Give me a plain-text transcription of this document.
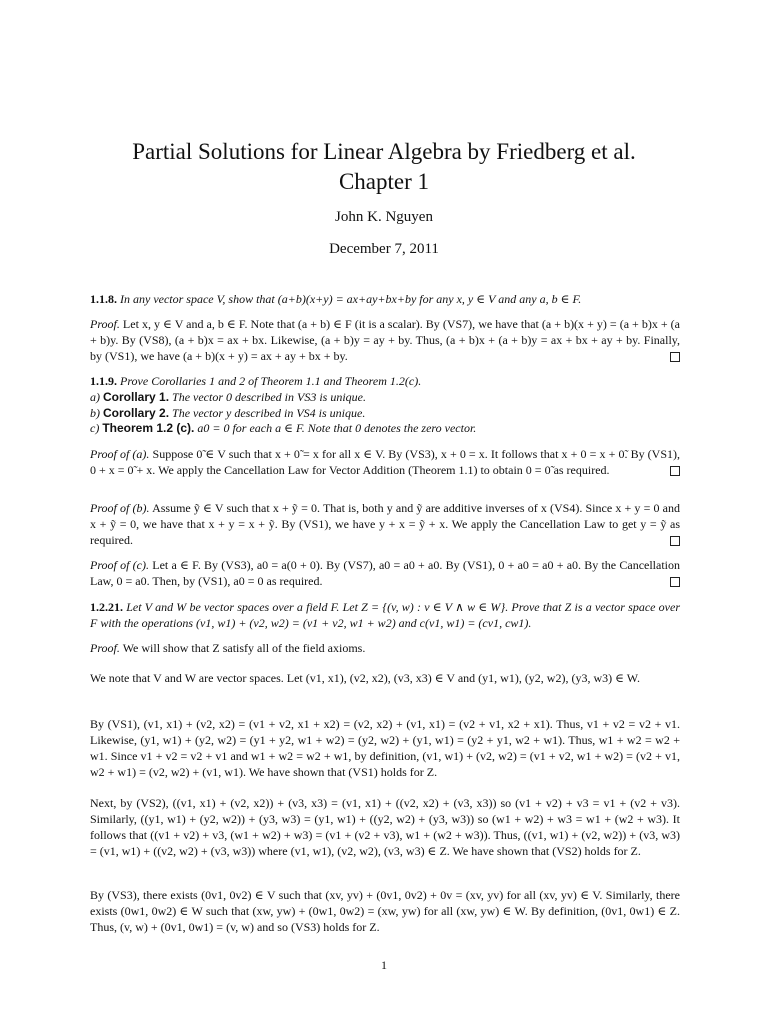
Partial Solutions for Linear Algebra by Friedberg et al.
Chapter 1
John K. Nguyen
December 7, 2011
1.1.8. In any vector space V, show that (a+b)(x+y) = ax+ay+bx+by for any x, y ∈ V and any a, b ∈ F.
Proof. Let x, y ∈ V and a, b ∈ F. Note that (a + b) ∈ F (it is a scalar). By (VS7), we have that (a + b)(x + y) = (a + b)x + (a + b)y. By (VS8), (a + b)x = ax + bx. Likewise, (a + b)y = ay + by. Thus, (a + b)x + (a + b)y = ax + bx + ay + by. Finally, by (VS1), we have (a + b)(x + y) = ax + ay + bx + by.
1.1.9. Prove Corollaries 1 and 2 of Theorem 1.1 and Theorem 1.2(c).
a) Corollary 1. The vector 0 described in VS3 is unique.
b) Corollary 2. The vector y described in VS4 is unique.
c) Theorem 1.2 (c). a0 = 0 for each a ∈ F. Note that 0 denotes the zero vector.
Proof of (a). Suppose 0̃ ∈ V such that x + 0̃ = x for all x ∈ V. By (VS3), x + 0 = x. It follows that x + 0 = x + 0̃. By (VS1), 0 + x = 0̃ + x. We apply the Cancellation Law for Vector Addition (Theorem 1.1) to obtain 0 = 0̃ as required.
Proof of (b). Assume ỹ ∈ V such that x + ỹ = 0. That is, both y and ỹ are additive inverses of x (VS4). Since x + y = 0 and x + ỹ = 0, we have that x + y = x + ỹ. By (VS1), we have y + x = ỹ + x. We apply the Cancellation Law to get y = ỹ as required.
Proof of (c). Let a ∈ F. By (VS3), a0 = a(0 + 0). By (VS7), a0 = a0 + a0. By (VS1), 0 + a0 = a0 + a0. By the Cancellation Law, 0 = a0. Then, by (VS1), a0 = 0 as required.
1.2.21. Let V and W be vector spaces over a field F. Let Z = {(v, w) : v ∈ V ∧ w ∈ W}. Prove that Z is a vector space over F with the operations (v1, w1) + (v2, w2) = (v1 + v2, w1 + w2) and c(v1, w1) = (cv1, cw1).
Proof. We will show that Z satisfy all of the field axioms.
We note that V and W are vector spaces. Let (v1, x1), (v2, x2), (v3, x3) ∈ V and (y1, w1), (y2, w2), (y3, w3) ∈ W.
By (VS1), (v1, x1) + (v2, x2) = (v1 + v2, x1 + x2) = (v2, x2) + (v1, x1) = (v2 + v1, x2 + x1). Thus, v1 + v2 = v2 + v1. Likewise, (y1, w1) + (y2, w2) = (y1 + y2, w1 + w2) = (y2, w2) + (y1, w1) = (y2 + y1, w2 + w1). Thus, w1 + w2 = w2 + w1. Since v1 + v2 = v2 + v1 and w1 + w2 = w2 + w1, by definition, (v1, w1) + (v2, w2) = (v1 + v2, w1 + w2) = (v2 + v1, w2 + w1) = (v2, w2) + (v1, w1). We have shown that (VS1) holds for Z.
Next, by (VS2), ((v1, x1) + (v2, x2)) + (v3, x3) = (v1, x1) + ((v2, x2) + (v3, x3)) so (v1 + v2) + v3 = v1 + (v2 + v3). Similarly, ((y1, w1) + (y2, w2)) + (y3, w3) = (y1, w1) + ((y2, w2) + (y3, w3)) so (w1 + w2) + w3 = w1 + (w2 + w3). It follows that ((v1 + v2) + v3, (w1 + w2) + w3) = (v1 + (v2 + v3), w1 + (w2 + w3)). Thus, ((v1, w1) + (v2, w2)) + (v3, w3) = (v1, w1) + ((v2, w2) + (v3, w3)) where (v1, w1), (v2, w2), (v3, w3) ∈ Z. We have shown that (VS2) holds for Z.
By (VS3), there exists (0v1, 0v2) ∈ V such that (xv, yv) + (0v1, 0v2) + 0v = (xv, yv) for all (xv, yv) ∈ V. Similarly, there exists (0w1, 0w2) ∈ W such that (xw, yw) + (0w1, 0w2) = (xw, yw) for all (xw, yw) ∈ W. By definition, (0v1, 0w1) ∈ Z. Thus, (v, w) + (0v1, 0w1) = (v, w) and so (VS3) holds for Z.
1
